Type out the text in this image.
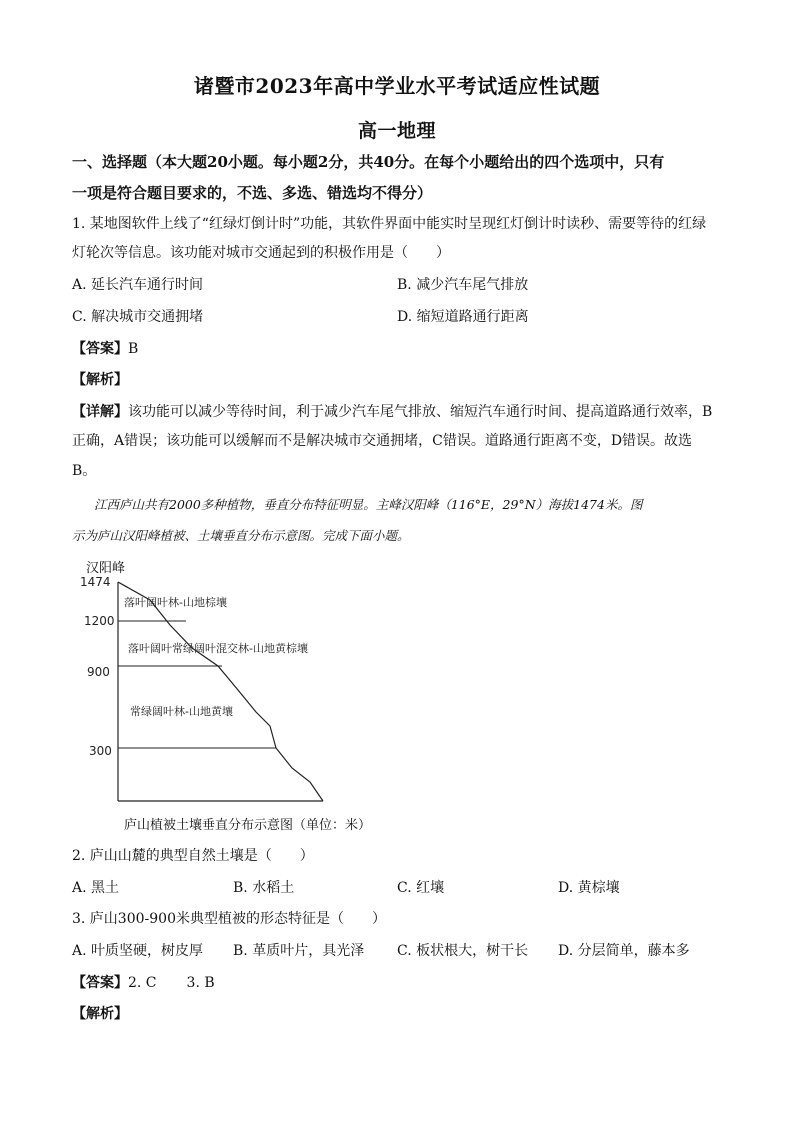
诸暨市2023年高中学业水平考试适应性试题
高一地理
一、选择题（本大题20小题。每小题2分，共40分。在每个小题给出的四个选项中，只有
一项是符合题目要求的，不选、多选、错选均不得分）
1. 某地图软件上线了“红绿灯倒计时”功能，其软件界面中能实时呈现红灯倒计时读秒、需要等待的红绿
灯轮次等信息。该功能对城市交通起到的积极作用是（　　）
A. 延长汽车通行时间	B. 减少汽车尾气排放
C. 解决城市交通拥堵	D. 缩短道路通行距离
【答案】B
【解析】
【详解】该功能可以减少等待时间，利于减少汽车尾气排放、缩短汽车通行时间、提高道路通行效率，B
正确，A错误；该功能可以缓解而不是解决城市交通拥堵，C错误。道路通行距离不变，D错误。故选
B。
江西庐山共有2000多种植物，垂直分布特征明显。主峰汉阳峰（116°E，29°N）海拔1474米。图
示为庐山汉阳峰植被、土壤垂直分布示意图。完成下面小题。
汉阳峰
1474
1200
900
300
落叶阔叶林-山地棕壤
落叶阔叶常绿阔叶混交林-山地黄棕壤
常绿阔叶林-山地黄壤
庐山植被土壤垂直分布示意图（单位：米）
2. 庐山山麓的典型自然土壤是（　　）
A. 黑土	B. 水稻土	C. 红壤	D. 黄棕壤
3. 庐山300-900米典型植被的形态特征是（　　）
A. 叶质坚硬，树皮厚 B. 革质叶片，具光泽 C. 板状根大，树干长 D. 分层简单，藤本多
【答案】2. C 3. B
【解析】
